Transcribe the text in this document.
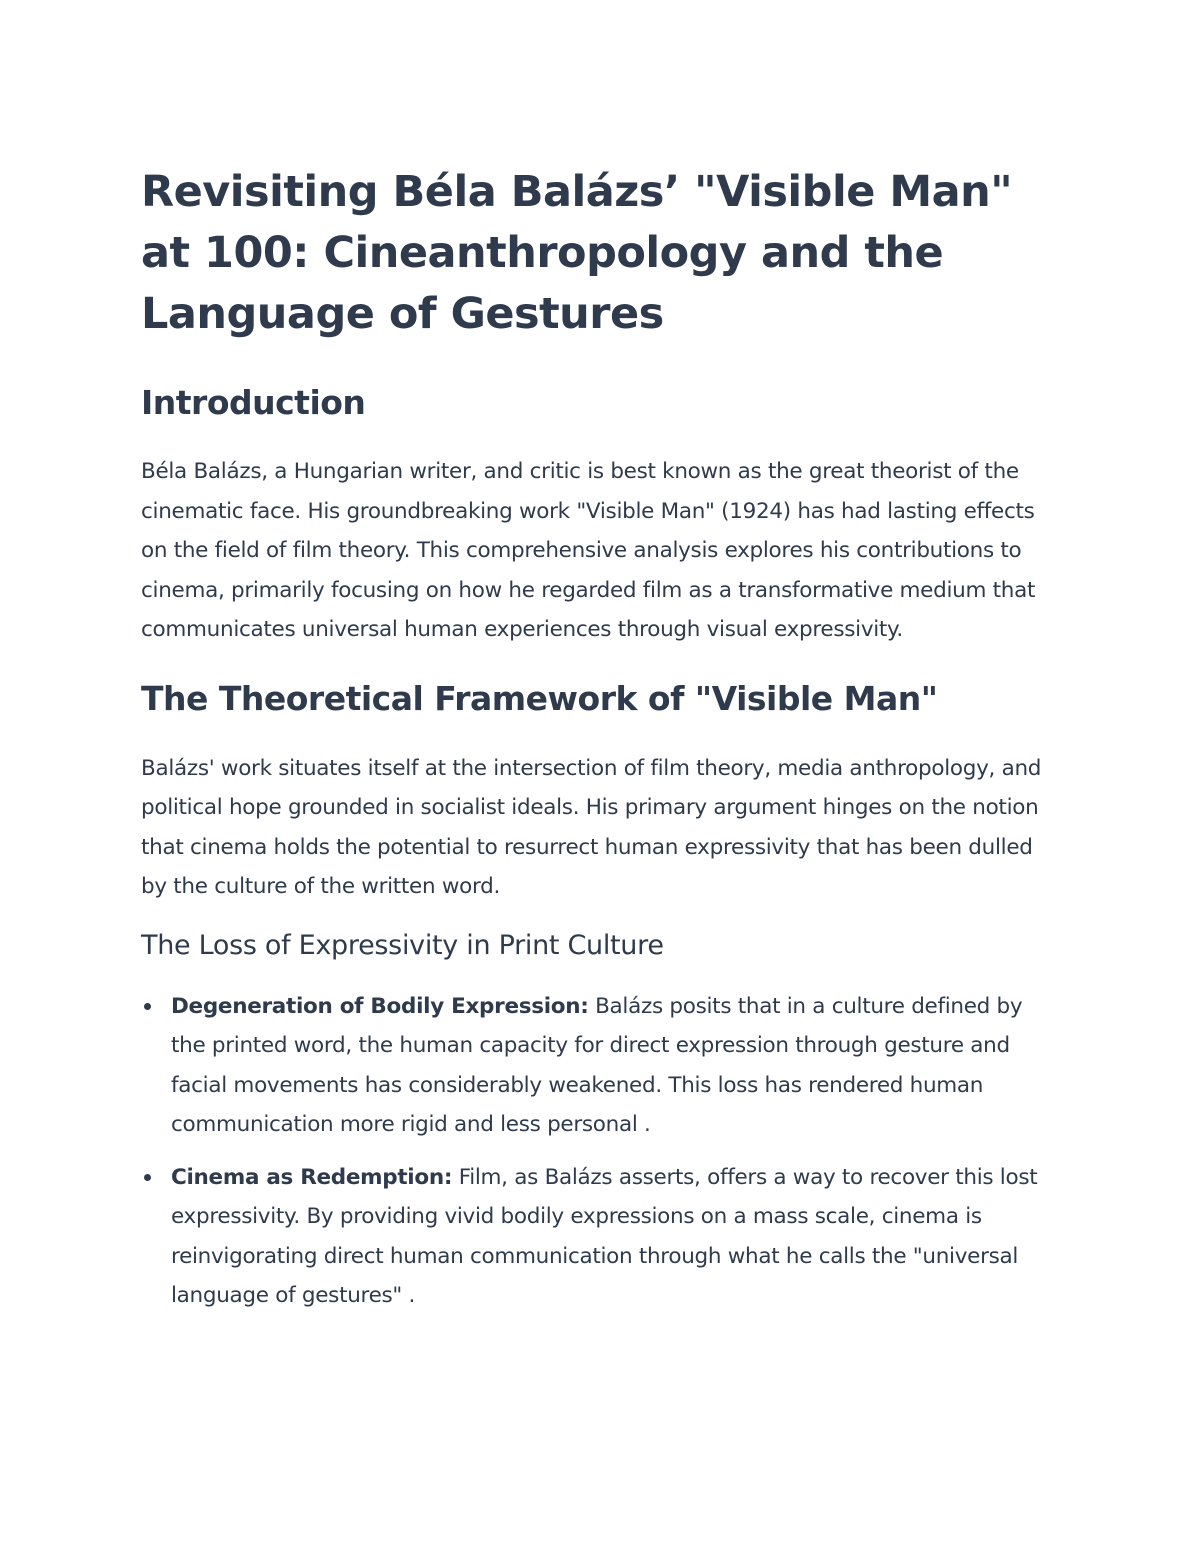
Revisiting Béla Balázs’ "Visible Man" at 100: Cineanthropology and the Language of Gestures
Introduction

Béla Balázs, a Hungarian writer, and critic is best known as the great theorist of the cinematic face. His groundbreaking work "Visible Man" (1924) has had lasting effects on the field of film theory. This comprehensive analysis explores his contributions to cinema, primarily focusing on how he regarded film as a transformative medium that communicates universal human experiences through visual expressivity.

The Theoretical Framework of "Visible Man"

Balázs' work situates itself at the intersection of film theory, media anthropology, and political hope grounded in socialist ideals. His primary argument hinges on the notion that cinema holds the potential to resurrect human expressivity that has been dulled by the culture of the written word.

The Loss of Expressivity in Print Culture
Degeneration of Bodily Expression: Balázs posits that in a culture defined by the printed word, the human capacity for direct expression through gesture and facial movements has considerably weakened. This loss has rendered human communication more rigid and less personal .
Cinema as Redemption: Film, as Balázs asserts, offers a way to recover this lost expressivity. By providing vivid bodily expressions on a mass scale, cinema is reinvigorating direct human communication through what he calls the "universal language of gestures" .
